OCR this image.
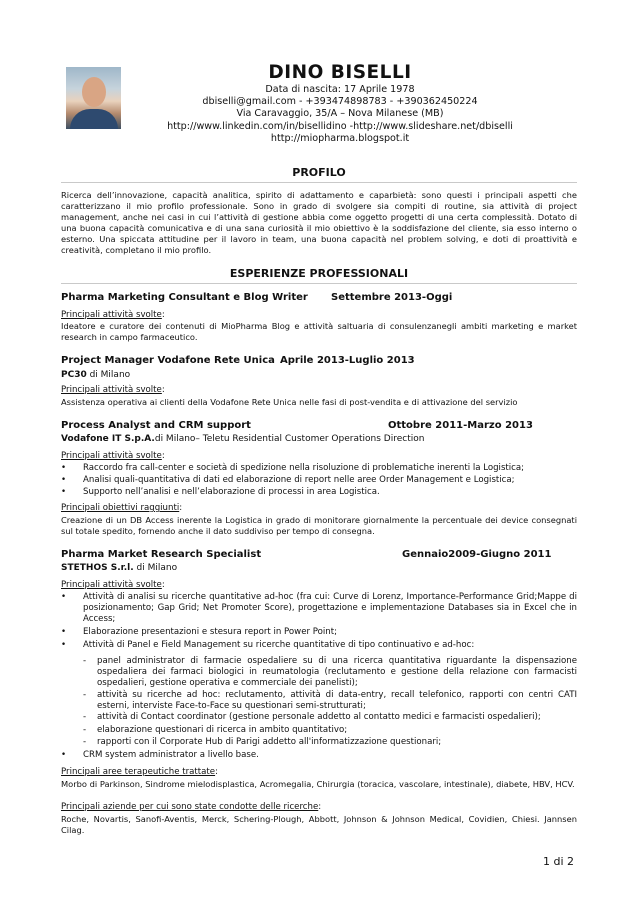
DINO BISELLI
Data di nascita: 17 Aprile 1978
dbiselli@gmail.com - +393474898783 - +390362450224
Via Caravaggio, 35/A – Nova Milanese (MB)
http://www.linkedin.com/in/bisellidino -http://www.slideshare.net/dbiselli
http://miopharma.blogspot.it
PROFILO
Ricerca dell’innovazione, capacità analitica, spirito di adattamento e caparbietà: sono questi i principali aspetti che caratterizzano il mio profilo professionale. Sono in grado di svolgere sia compiti di routine, sia attività di project management, anche nei casi in cui l’attività di gestione abbia come oggetto progetti di una certa complessità. Dotato di una buona capacità comunicativa e di una sana curiosità il mio obiettivo è la soddisfazione del cliente, sia esso interno o esterno. Una spiccata attitudine per il lavoro in team, una buona capacità nel problem solving, e doti di proattività e creatività, completano il mio profilo.
ESPERIENZE PROFESSIONALI
Pharma Marketing Consultant e Blog Writer Settembre 2013-Oggi
Principali attività svolte:
Ideatore e curatore dei contenuti di MioPharma Blog e attività saltuaria di consulenzanegli ambiti marketing e market research in campo farmaceutico.
Project Manager Vodafone Rete Unica Aprile 2013-Luglio 2013
PC30 di Milano
Principali attività svolte:
Assistenza operativa ai clienti della Vodafone Rete Unica nelle fasi di post-vendita e di attivazione del servizio
Process Analyst and CRM support	Ottobre 2011-Marzo 2013
Vodafone IT S.p.A.di Milano– Teletu Residential Customer Operations Direction
Principali attività svolte:
• Raccordo fra call-center e società di spedizione nella risoluzione di problematiche inerenti la Logistica;
• Analisi quali-quantitativa di dati ed elaborazione di report nelle aree Order Management e Logistica;
• Supporto nell’analisi e nell’elaborazione di processi in area Logistica.
Principali obiettivi raggiunti:
Creazione di un DB Access inerente la Logistica in grado di monitorare giornalmente la percentuale dei device consegnati sul totale spedito, fornendo anche il dato suddiviso per tempo di consegna.
Pharma Market Research Specialist	Gennaio2009-Giugno 2011
STETHOS S.r.l. di Milano
Principali attività svolte:
• Attività di analisi su ricerche quantitative ad-hoc (fra cui: Curve di Lorenz, Importance-Performance Grid;Mappe di posizionamento; Gap Grid; Net Promoter Score), progettazione e implementazione Databases sia in Excel che in Access;
• Elaborazione presentazioni e stesura report in Power Point;
• Attività di Panel e Field Management su ricerche quantitative di tipo continuativo e ad-hoc:
- panel administrator di farmacie ospedaliere su di una ricerca quantitativa riguardante la dispensazione ospedaliera dei farmaci biologici in reumatologia (reclutamento e gestione della relazione con farmacisti ospedalieri, gestione operativa e commerciale dei panelisti);
- attività su ricerche ad hoc: reclutamento, attività di data-entry, recall telefonico, rapporti con centri CATI esterni, interviste Face-to-Face su questionari semi-strutturati;
- attività di Contact coordinator (gestione personale addetto al contatto medici e farmacisti ospedalieri);
- elaborazione questionari di ricerca in ambito quantitativo;
- rapporti con il Corporate Hub di Parigi addetto all'informatizzazione questionari;
• CRM system administrator a livello base.
Principali aree terapeutiche trattate:
Morbo di Parkinson, Sindrome mielodisplastica, Acromegalia, Chirurgia (toracica, vascolare, intestinale), diabete, HBV, HCV.
Principali aziende per cui sono state condotte delle ricerche:
Roche, Novartis, Sanofi-Aventis, Merck, Schering-Plough, Abbott, Johnson & Johnson Medical, Covidien, Chiesi. Jannsen Cilag.
1 di 2
